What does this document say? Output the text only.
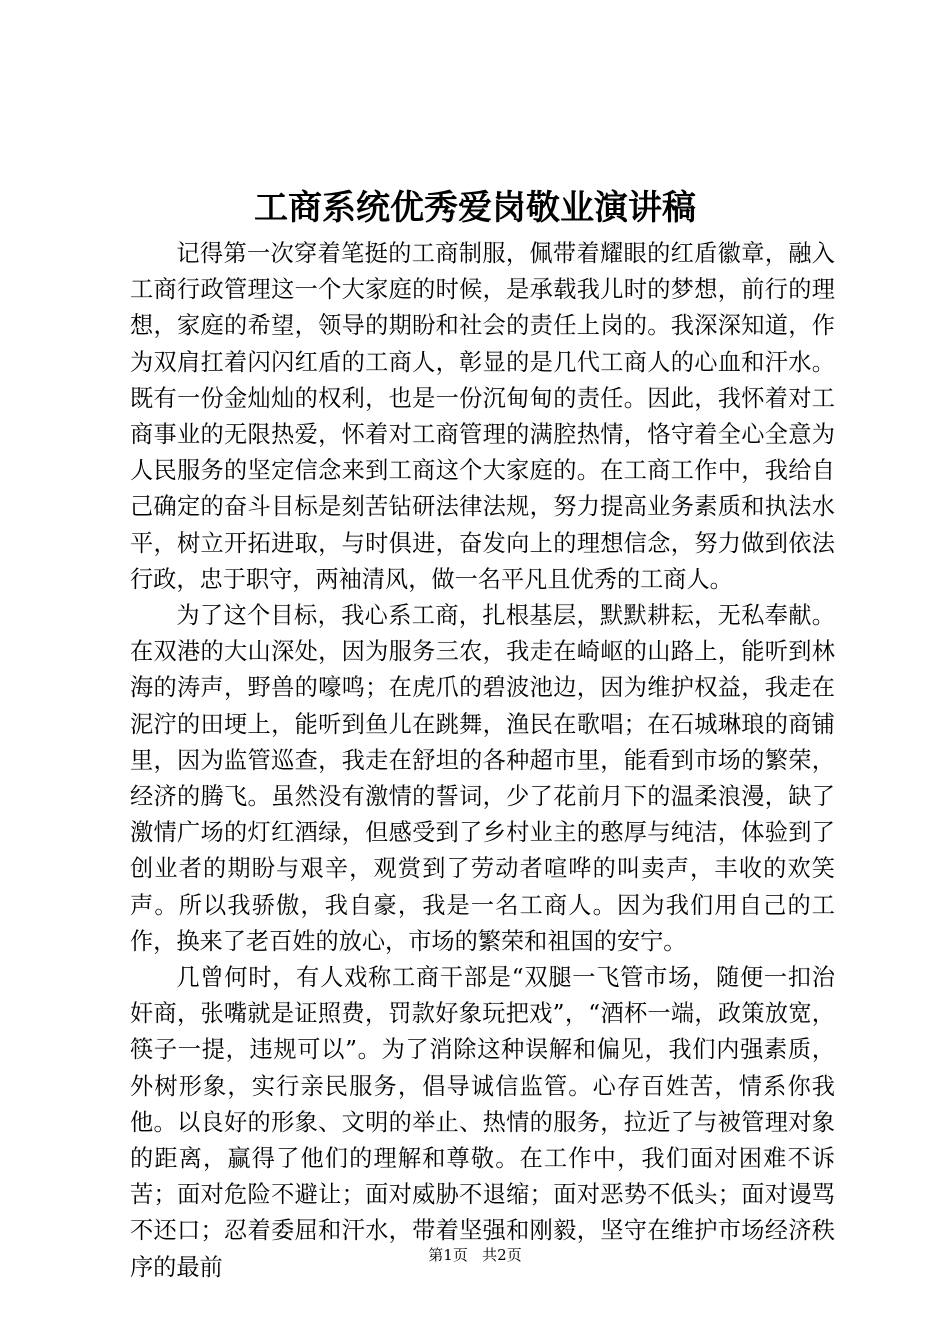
工商系统优秀爱岗敬业演讲稿

记得第一次穿着笔挺的工商制服，佩带着耀眼的红盾徽章，融入工商行政管理这一个大家庭的时候，是承载我儿时的梦想，前行的理想，家庭的希望，领导的期盼和社会的责任上岗的。我深深知道，作为双肩扛着闪闪红盾的工商人，彰显的是几代工商人的心血和汗水。既有一份金灿灿的权利，也是一份沉甸甸的责任。因此，我怀着对工商事业的无限热爱，怀着对工商管理的满腔热情，恪守着全心全意为人民服务的坚定信念来到工商这个大家庭的。在工商工作中，我给自己确定的奋斗目标是刻苦钻研法律法规，努力提高业务素质和执法水平，树立开拓进取，与时俱进，奋发向上的理想信念，努力做到依法行政，忠于职守，两袖清风，做一名平凡且优秀的工商人。

为了这个目标，我心系工商，扎根基层，默默耕耘，无私奉献。在双港的大山深处，因为服务三农，我走在崎岖的山路上，能听到林海的涛声，野兽的嚎鸣；在虎爪的碧波池边，因为维护权益，我走在泥泞的田埂上，能听到鱼儿在跳舞，渔民在歌唱；在石城琳琅的商铺里，因为监管巡查，我走在舒坦的各种超市里，能看到市场的繁荣，经济的腾飞。虽然没有激情的誓词，少了花前月下的温柔浪漫，缺了激情广场的灯红酒绿，但感受到了乡村业主的憨厚与纯洁，体验到了创业者的期盼与艰辛，观赏到了劳动者喧哗的叫卖声，丰收的欢笑声。所以我骄傲，我自豪，我是一名工商人。因为我们用自己的工作，换来了老百姓的放心，市场的繁荣和祖国的安宁。

几曾何时，有人戏称工商干部是“双腿一飞管市场，随便一扣治奸商，张嘴就是证照费，罚款好象玩把戏”，“酒杯一端，政策放宽，筷子一提，违规可以”。为了消除这种误解和偏见，我们内强素质，外树形象，实行亲民服务，倡导诚信监管。心存百姓苦，情系你我他。以良好的形象、文明的举止、热情的服务，拉近了与被管理对象的距离，赢得了他们的理解和尊敬。在工作中，我们面对困难不诉苦；面对危险不避让；面对威胁不退缩；面对恶势不低头；面对谩骂不还口；忍着委屈和汗水，带着坚强和刚毅，坚守在维护市场经济秩序的最前	第1页 共2页
